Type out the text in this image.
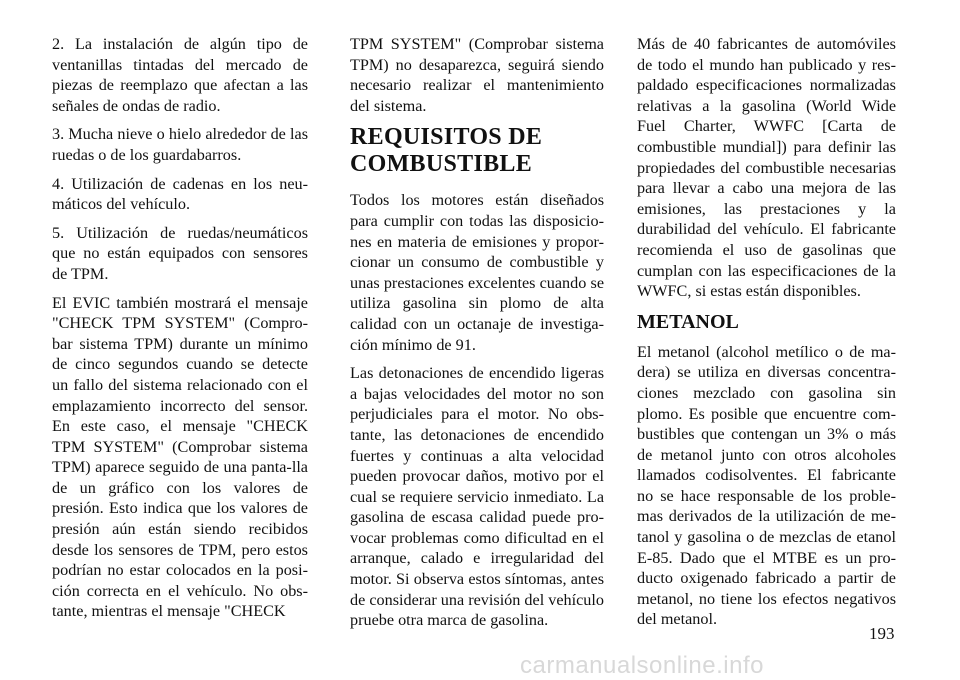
2. La instalación de algún tipo de ventanillas tintadas del mercado de piezas de reemplazo que afectan a las señales de ondas de radio.

3. Mucha nieve o hielo alrededor de las ruedas o de los guardabarros.

4. Utilización de cadenas en los neu-máticos del vehículo.

5. Utilización de ruedas/neumáticos que no están equipados con sensores de TPM.

El EVIC también mostrará el mensaje "CHECK TPM SYSTEM" (Compro-bar sistema TPM) durante un mínimo de cinco segundos cuando se detecte un fallo del sistema relacionado con el emplazamiento incorrecto del sensor. En este caso, el mensaje "CHECK TPM SYSTEM" (Comprobar sistema TPM) aparece seguido de una panta-lla de un gráfico con los valores de presión. Esto indica que los valores de presión aún están siendo recibidos desde los sensores de TPM, pero estos podrían no estar colocados en la posi-ción correcta en el vehículo. No obs-tante, mientras el mensaje "CHECK

TPM SYSTEM" (Comprobar sistema TPM) no desaparezca, seguirá siendo necesario realizar el mantenimiento del sistema.

REQUISITOS DE
COMBUSTIBLE

Todos los motores están diseñados para cumplir con todas las disposicio-nes en materia de emisiones y propor-cionar un consumo de combustible y unas prestaciones excelentes cuando se utiliza gasolina sin plomo de alta calidad con un octanaje de investiga-ción mínimo de 91.

Las detonaciones de encendido ligeras a bajas velocidades del motor no son perjudiciales para el motor. No obs-tante, las detonaciones de encendido fuertes y continuas a alta velocidad pueden provocar daños, motivo por el cual se requiere servicio inmediato. La gasolina de escasa calidad puede pro-vocar problemas como dificultad en el arranque, calado e irregularidad del motor. Si observa estos síntomas, antes de considerar una revisión del vehículo pruebe otra marca de gasolina.

Más de 40 fabricantes de automóviles de todo el mundo han publicado y res-paldado especificaciones normalizadas relativas a la gasolina (World Wide Fuel Charter, WWFC [Carta de combustible mundial]) para definir las propiedades del combustible necesarias para llevar a cabo una mejora de las emisiones, las prestaciones y la durabilidad del vehículo. El fabricante recomienda el uso de gasolinas que cumplan con las especificaciones de la WWFC, si estas están disponibles.

METANOL

El metanol (alcohol metílico o de ma-dera) se utiliza en diversas concentra-ciones mezclado con gasolina sin plomo. Es posible que encuentre com-bustibles que contengan un 3% o más de metanol junto con otros alcoholes llamados codisolventes. El fabricante no se hace responsable de los proble-mas derivados de la utilización de me-tanol y gasolina o de mezclas de etanol E-85. Dado que el MTBE es un pro-ducto oxigenado fabricado a partir de metanol, no tiene los efectos negativos del metanol.

193
carmanualsonline.info
